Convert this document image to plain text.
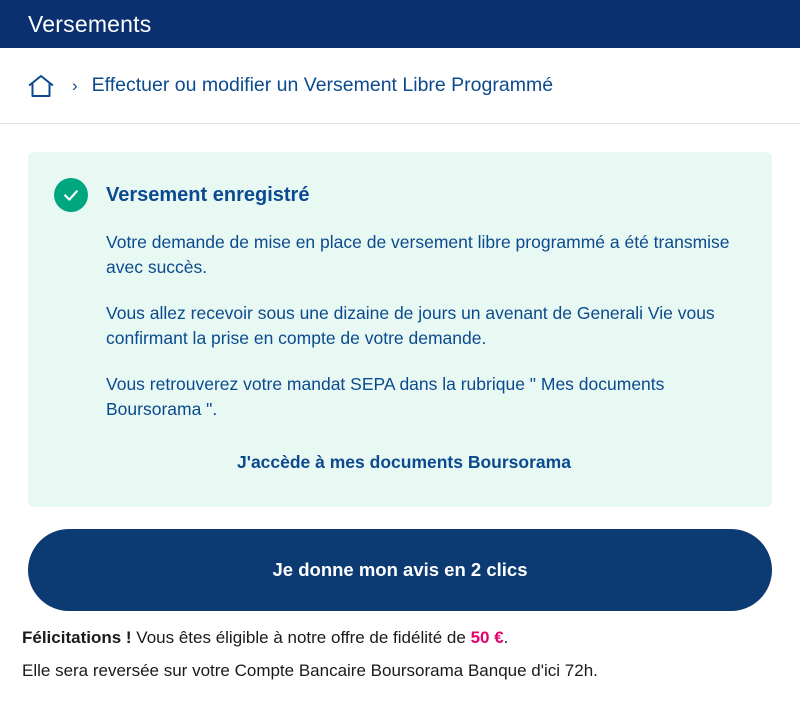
Versements
› Effectuer ou modifier un Versement Libre Programmé
Versement enregistré

Votre demande de mise en place de versement libre programmé a été transmise avec succès.

Vous allez recevoir sous une dizaine de jours un avenant de Generali Vie vous confirmant la prise en compte de votre demande.

Vous retrouverez votre mandat SEPA dans la rubrique " Mes documents Boursorama ".

J'accède à mes documents Boursorama
Je donne mon avis en 2 clics
Félicitations ! Vous êtes éligible à notre offre de fidélité de 50 €.
Elle sera reversée sur votre Compte Bancaire Boursorama Banque d'ici 72h.
